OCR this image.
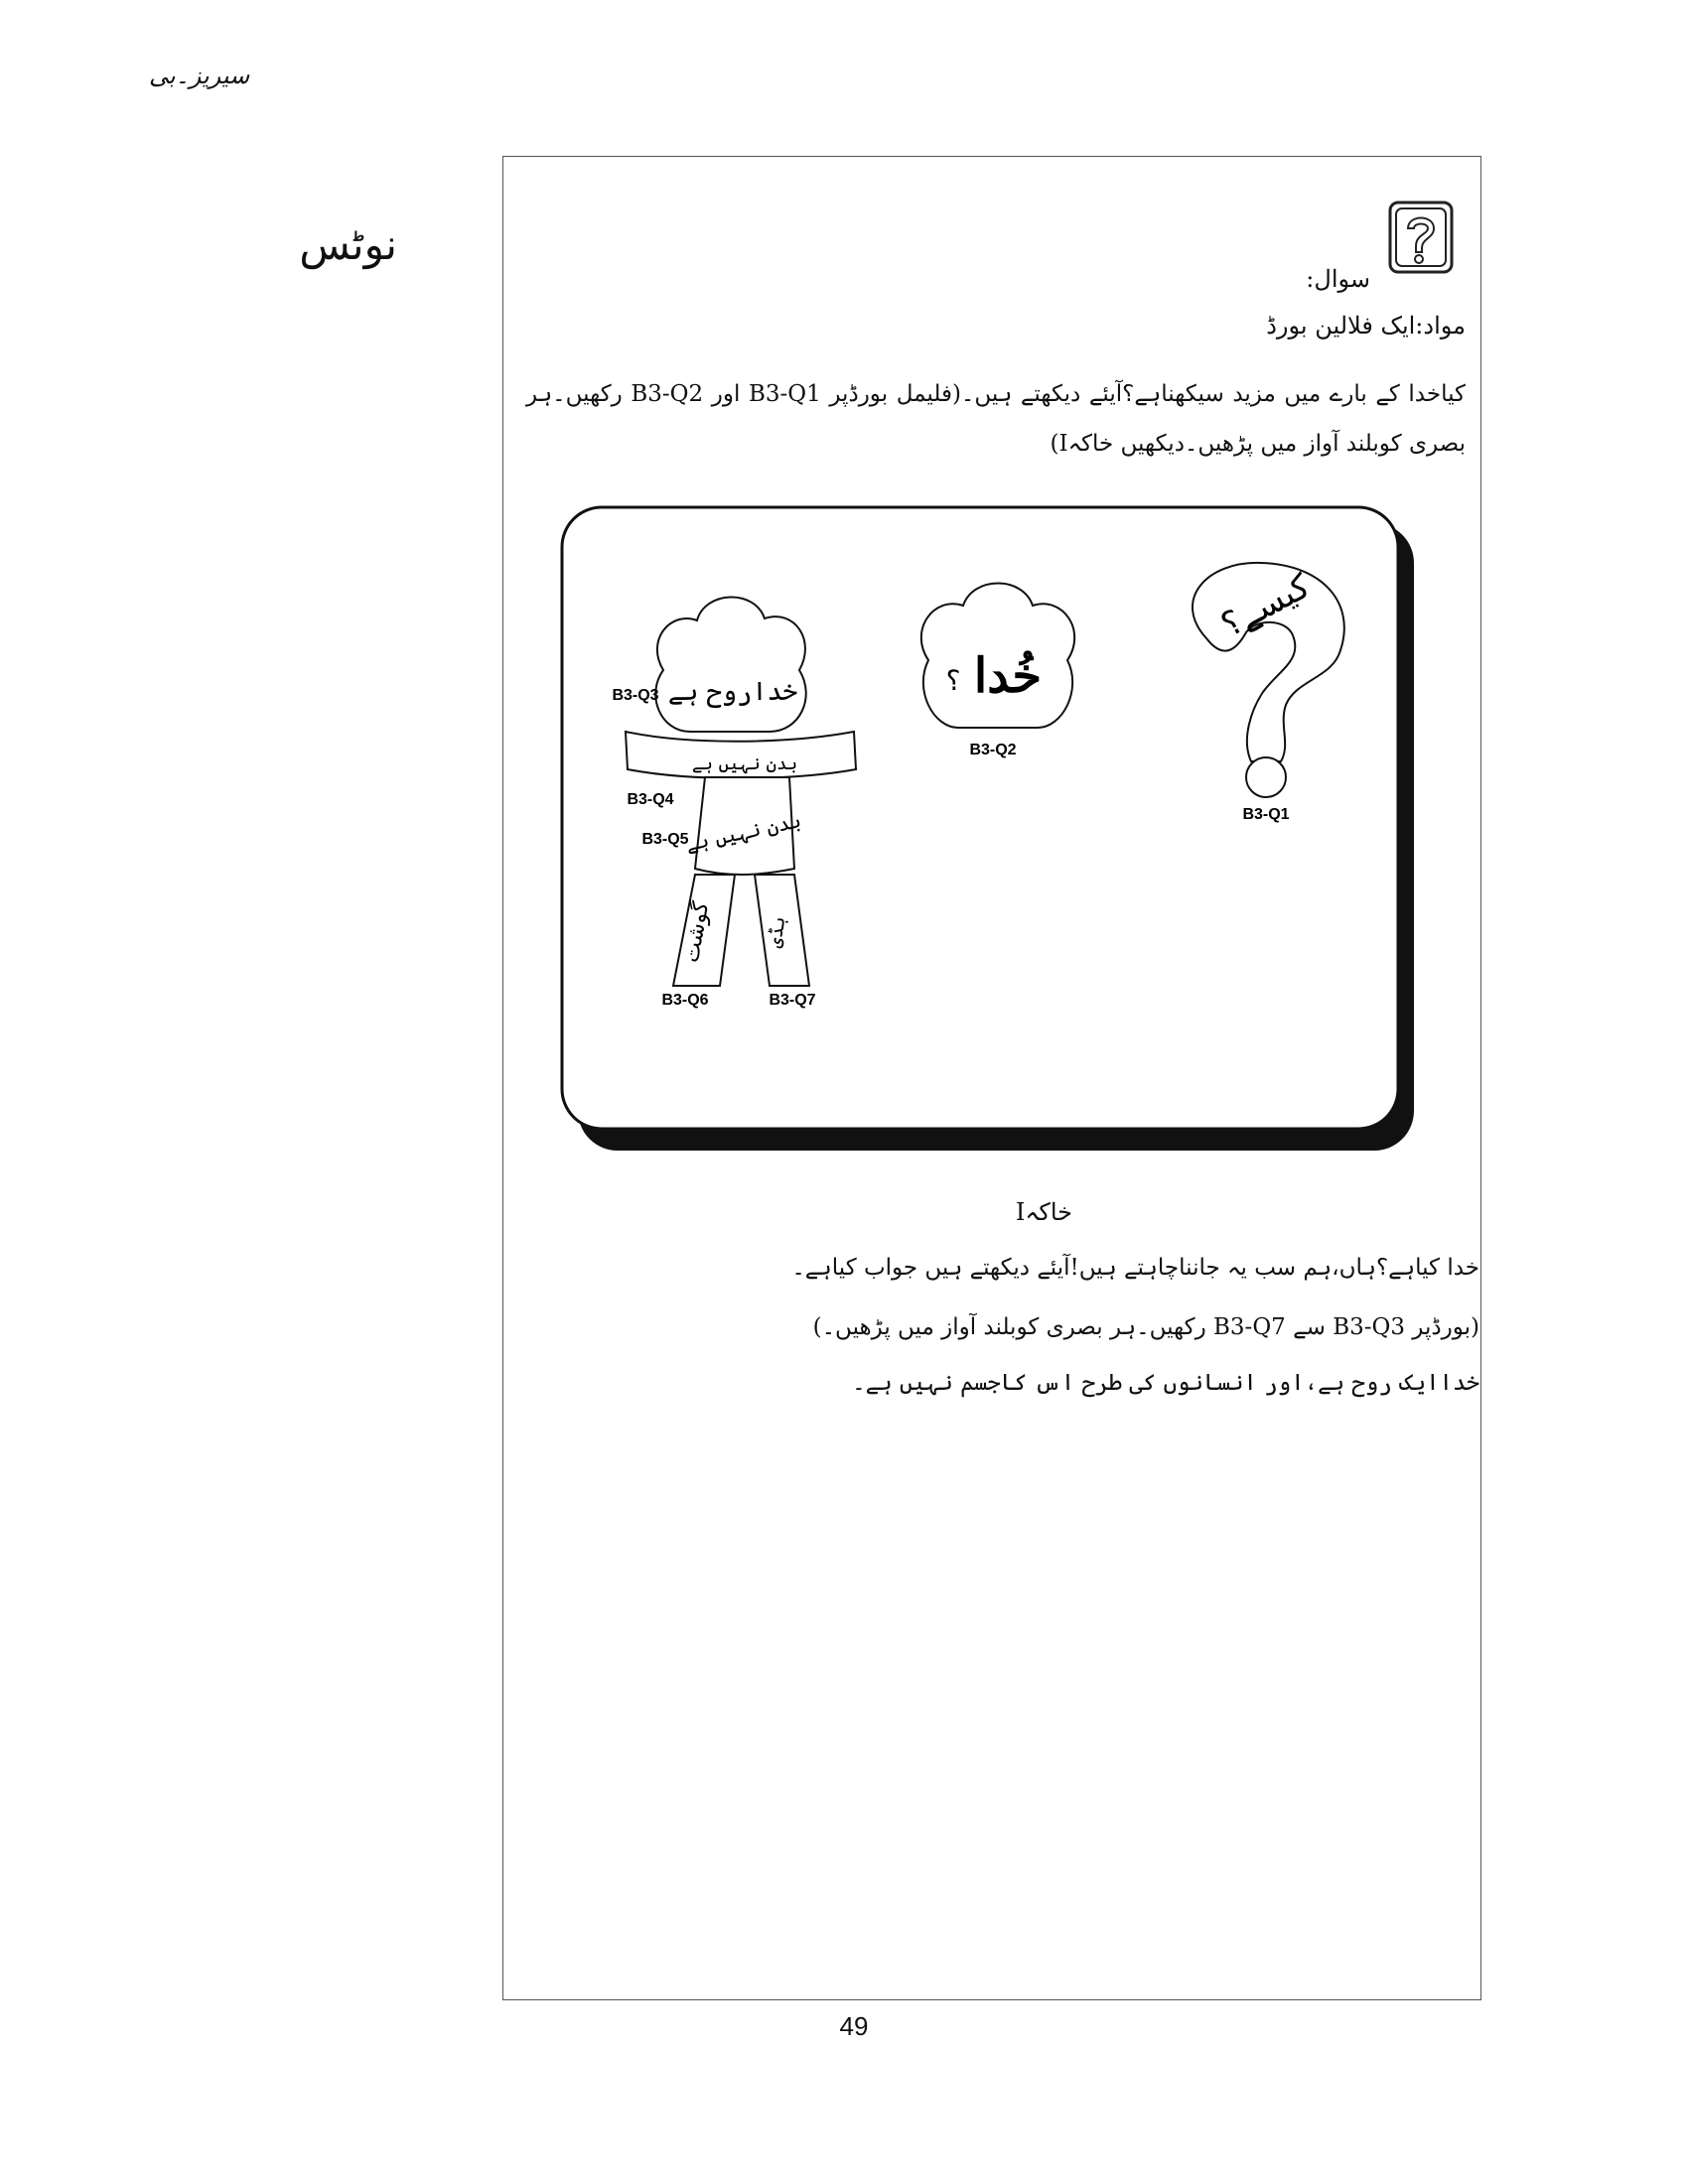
سیریز۔بی
نوٹس
سوال:
مواد:ایک فلالین بورڈ
کیاخدا کے بارے میں مزید سیکھناہے؟آیئے دیکھتے ہیں۔(فلیمل بورڈپر B3-Q1 اور B3-Q2 رکھیں۔ہر بصری کوبلند آواز میں پڑھیں۔دیکھیں خاکہI)
کیسے؟
B3-Q1
خُدا
؟
B3-Q2
خداروح ہے
B3-Q3
بدن نہیں ہے
B3-Q4
بدن نہیں ہے
B3-Q5
گوشت
B3-Q6
ہڈی
B3-Q7
خاکہI
خدا کیاہے؟ہاں،ہم سب یہ جانناچاہتے ہیں!آیئے دیکھتے ہیں جواب کیاہے۔
(بورڈپر B3-Q3 سے B3-Q7 رکھیں۔ہر بصری کوبلند آواز میں پڑھیں۔)
خداایک روح ہے،اور انسانوں کی طرح اس کاجسم نہیں ہے۔
49
